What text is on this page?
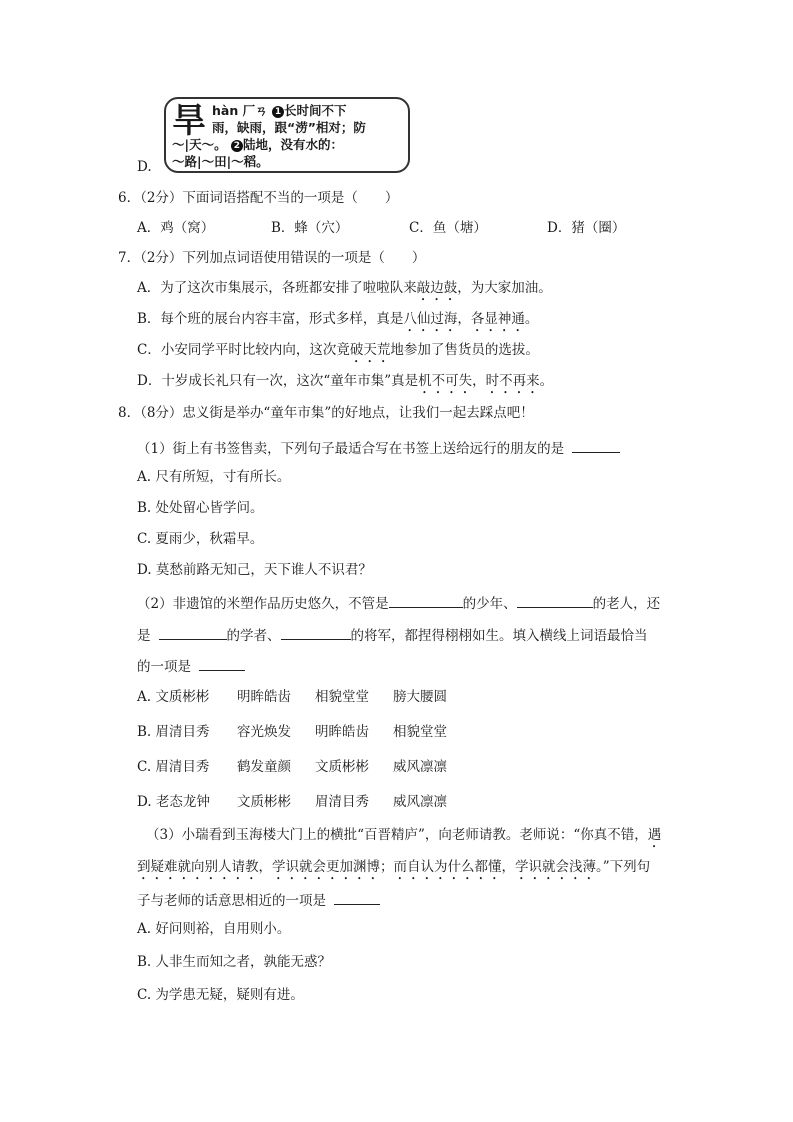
D.
旱 hàn 厂ㄢ 1 长时间不下
雨，缺雨，跟“涝”相对；防
～|天～。 2 陆地，没有水的：
～路|～田|～稻。
6．（2分）下面词语搭配不当的一项是（　　）
A．鸡（窝）	B．蜂（穴）	C．鱼（塘）	D．猪（圈）
7．（2分）下列加点词语使用错误的一项是（　　）
A．为了这次市集展示，各班都安排了啦啦队来敲边鼓，为大家加油。
B．每个班的展台内容丰富，形式多样，真是八仙过海，各显神通。
C．小安同学平时比较内向，这次竟破天荒地参加了售货员的选拔。
D．十岁成长礼只有一次，这次“童年市集”真是机不可失，时不再来。
8．（8分）忠义街是举办“童年市集”的好地点，让我们一起去踩点吧！
（1）街上有书签售卖，下列句子最适合写在书签上送给远行的朋友的是
A. 尺有所短，寸有所长。
B. 处处留心皆学问。
C. 夏雨少，秋霜早。
D. 莫愁前路无知己，天下谁人不识君？
（2）非遗馆的米塑作品历史悠久，不管是	的少年、	的老人，还
是	的学者、	的将军，都捏得栩栩如生。填入横线上词语最恰当
的一项是
A. 文质彬彬 明眸皓齿 相貌堂堂 膀大腰圆
B. 眉清目秀 容光焕发 明眸皓齿 相貌堂堂
C. 眉清目秀 鹤发童颜 文质彬彬 威风凛凛
D. 老态龙钟 文质彬彬 眉清目秀 威风凛凛
（3）小瑞看到玉海楼大门上的横批“百晋精庐”，向老师请教。老师说：“你真不错，遇
到疑难就向别人请教，学识就会更加渊博；而自认为什么都懂，学识就会浅薄。”下列句
子与老师的话意思相近的一项是
A. 好问则裕，自用则小。
B. 人非生而知之者，孰能无惑？
C. 为学患无疑，疑则有进。
